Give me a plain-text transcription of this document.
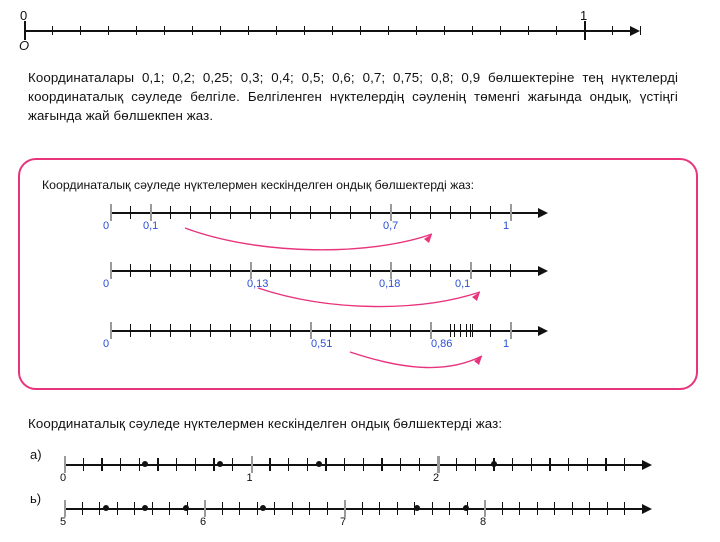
0	1
O
Координаталары 0,1; 0,2; 0,25; 0,3; 0,4; 0,5; 0,6; 0,7; 0,75; 0,8; 0,9 бөлшектеріне тең нүктелерді координаталық сәуледе белгіле. Белгіленген нүктелердің сәуленің төменгі жағында ондық, үстіңгі жағында жай бөлшекпен жаз.
Координаталық сәуледе нүктелермен кескінделген ондық бөлшектерді жаз:
0	0,1	0,7	1
0	0,13	0,18	0,1
0	0,51	0,86	1
Координаталық сәуледе нүктелермен кескінделген ондық бөлшектерді жаз:
а)
0	1	2
ь)
5	6	7	8
